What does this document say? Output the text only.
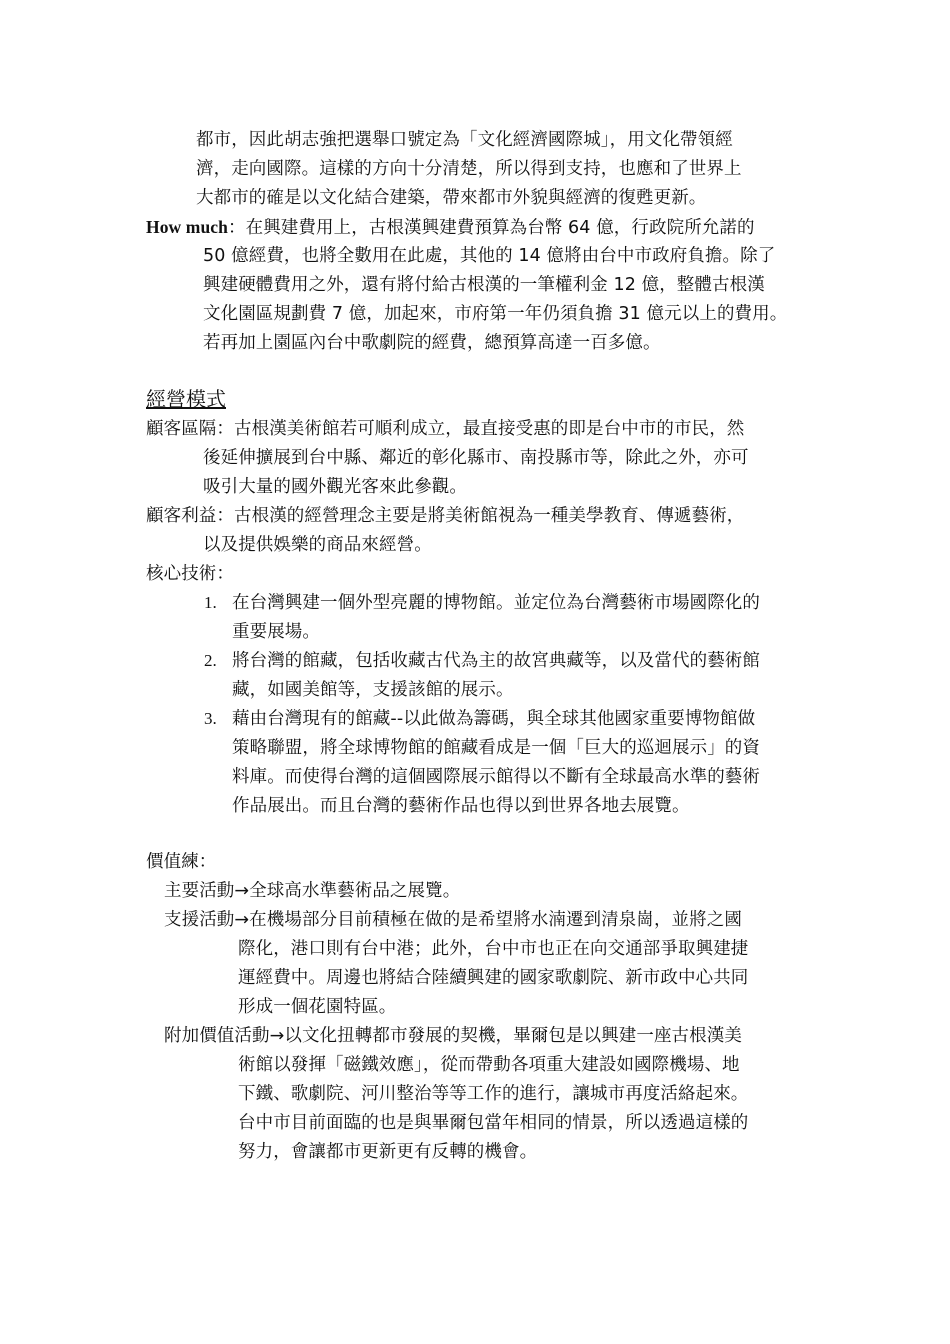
都市，因此胡志強把選舉口號定為「文化經濟國際城」，用文化帶領經
濟，走向國際。這樣的方向十分清楚，所以得到支持，也應和了世界上
大都市的確是以文化結合建築，帶來都市外貌與經濟的復甦更新。
How much：在興建費用上，古根漢興建費預算為台幣 64 億，行政院所允諾的
50 億經費，也將全數用在此處，其他的 14 億將由台中市政府負擔。除了
興建硬體費用之外，還有將付給古根漢的一筆權利金 12 億，整體古根漢
文化園區規劃費 7 億，加起來，市府第一年仍須負擔 31 億元以上的費用。
若再加上園區內台中歌劇院的經費，總預算高達一百多億。
經營模式
顧客區隔：古根漢美術館若可順利成立，最直接受惠的即是台中市的市民，然
後延伸擴展到台中縣、鄰近的彰化縣市、南投縣市等，除此之外，亦可
吸引大量的國外觀光客來此參觀。
顧客利益：古根漢的經營理念主要是將美術館視為一種美學教育、傳遞藝術，
以及提供娛樂的商品來經營。
核心技術：
1. 在台灣興建一個外型亮麗的博物館。並定位為台灣藝術市場國際化的
重要展場。
2. 將台灣的館藏，包括收藏古代為主的故宮典藏等，以及當代的藝術館
藏，如國美館等，支援該館的展示。
3. 藉由台灣現有的館藏--以此做為籌碼，與全球其他國家重要博物館做
策略聯盟，將全球博物館的館藏看成是一個「巨大的巡迴展示」的資
料庫。而使得台灣的這個國際展示館得以不斷有全球最高水準的藝術
作品展出。而且台灣的藝術作品也得以到世界各地去展覽。
價值練：
主要活動→全球高水準藝術品之展覽。
支援活動→在機場部分目前積極在做的是希望將水湳遷到清泉崗，並將之國
際化，港口則有台中港；此外，台中市也正在向交通部爭取興建捷
運經費中。周邊也將結合陸續興建的國家歌劇院、新市政中心共同
形成一個花園特區。
附加價值活動→以文化扭轉都市發展的契機，畢爾包是以興建一座古根漢美
術館以發揮「磁鐵效應」，從而帶動各項重大建設如國際機場、地
下鐵、歌劇院、河川整治等等工作的進行，讓城市再度活絡起來。
台中市目前面臨的也是與畢爾包當年相同的情景，所以透過這樣的
努力，會讓都市更新更有反轉的機會。
